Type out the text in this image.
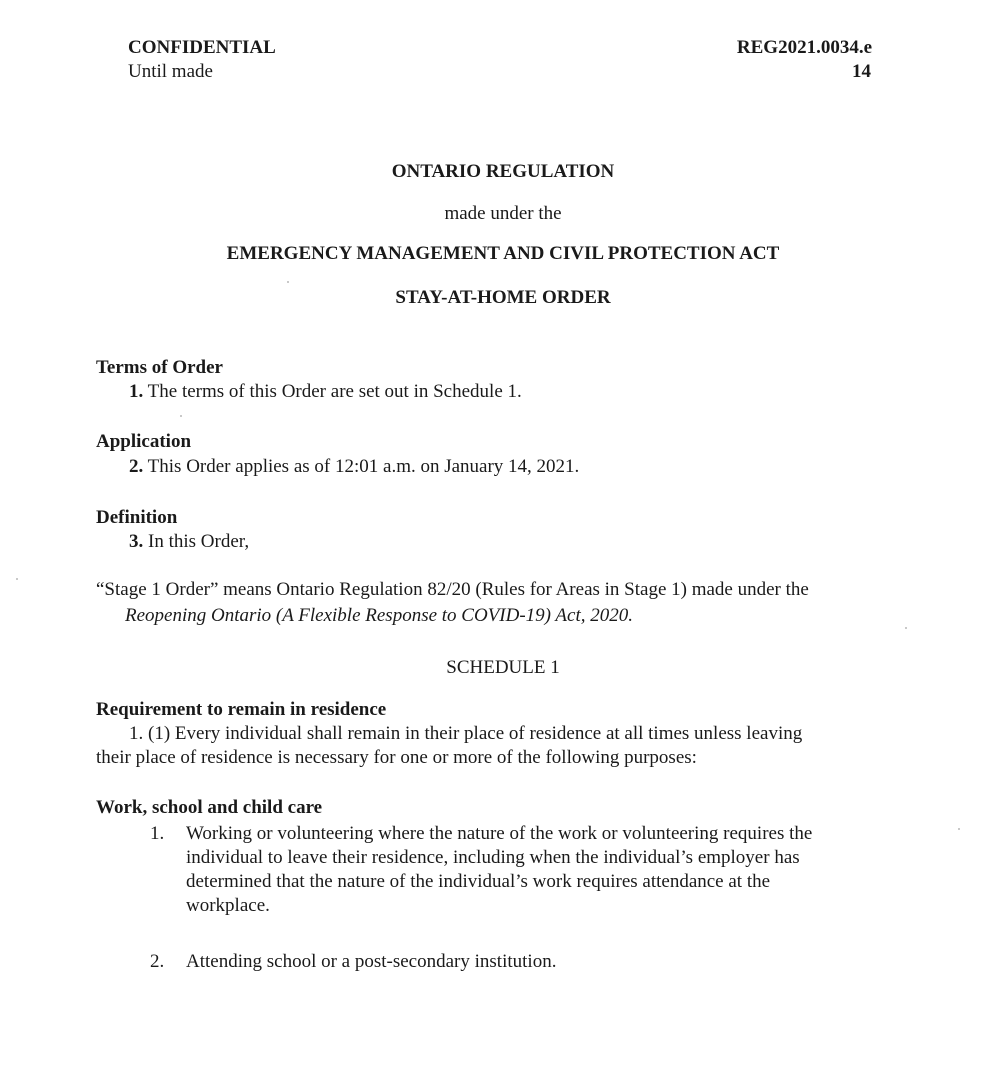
CONFIDENTIAL
Until made
REG2021.0034.e
14
ONTARIO REGULATION
made under the
EMERGENCY MANAGEMENT AND CIVIL PROTECTION ACT
STAY-AT-HOME ORDER
Terms of Order
1. The terms of this Order are set out in Schedule 1.
Application
2. This Order applies as of 12:01 a.m. on January 14, 2021.
Definition
3. In this Order,
“Stage 1 Order” means Ontario Regulation 82/20 (Rules for Areas in Stage 1) made under the
Reopening Ontario (A Flexible Response to COVID-19) Act, 2020.
SCHEDULE 1
Requirement to remain in residence
1. (1) Every individual shall remain in their place of residence at all times unless leaving
their place of residence is necessary for one or more of the following purposes:
Work, school and child care
1. Working or volunteering where the nature of the work or volunteering requires the
individual to leave their residence, including when the individual’s employer has
determined that the nature of the individual’s work requires attendance at the
workplace.
2. Attending school or a post-secondary institution.
